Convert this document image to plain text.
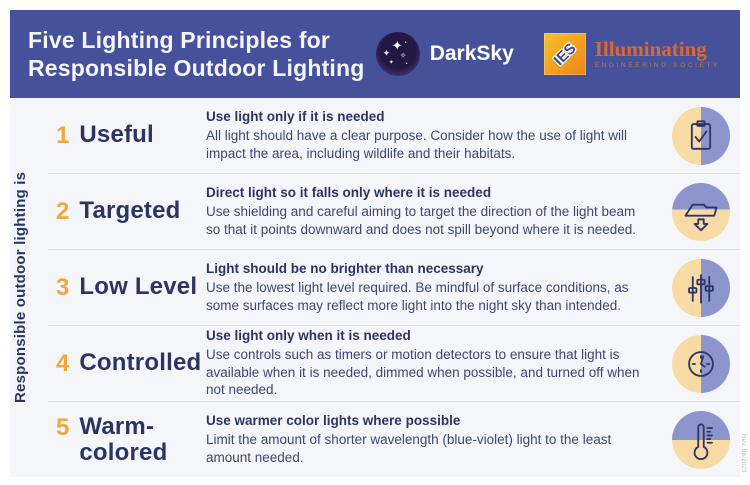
Five Lighting Principles for
Responsible Outdoor Lighting
✦
✦ ✧
✦
•
• DarkSky IES Illuminating
ENGINEERING SOCIETY
Responsible outdoor lighting is
1 Useful
Use light only if it is needed
All light should have a clear purpose. Consider how the use of light will impact the area, including wildlife and their habitats.
2 Targeted
Direct light so it falls only where it is needed
Use shielding and careful aiming to target the direction of the light beam so that it points downward and does not spill beyond where it is needed.
3 Low Level
Light should be no brighter than necessary
Use the lowest light level required. Be mindful of surface conditions, as some surfaces may reflect more light into the night sky than intended.
4 Controlled
Use light only when it is needed
Use controls such as timers or motion detectors to ensure that light is available when it is needed, dimmed when possible, and turned off when not needed.
5 Warm-colored
Use warmer color lights where possible
Limit the amount of shorter wavelength (blue-violet) light to the least amount needed.	Rev. 06-2023
